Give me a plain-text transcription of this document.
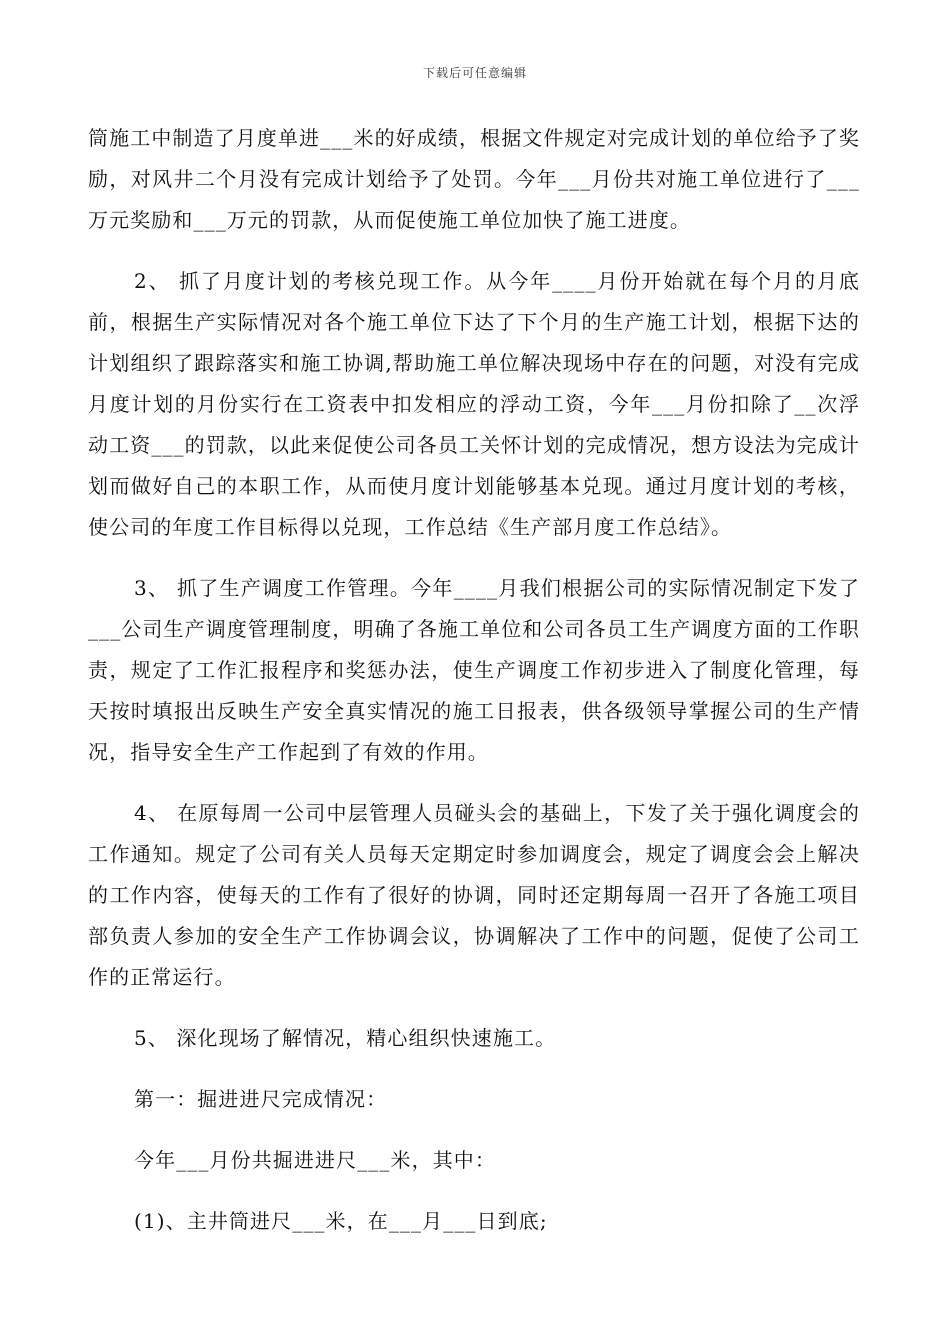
下载后可任意编辑

筒施工中制造了月度单进___米的好成绩，根据文件规定对完成计划的单位给予了奖励，对风井二个月没有完成计划给予了处罚。今年___月份共对施工单位进行了___万元奖励和___万元的罚款，从而促使施工单位加快了施工进度。

2、 抓了月度计划的考核兑现工作。从今年____月份开始就在每个月的月底前，根据生产实际情况对各个施工单位下达了下个月的生产施工计划，根据下达的计划组织了跟踪落实和施工协调,帮助施工单位解决现场中存在的问题，对没有完成月度计划的月份实行在工资表中扣发相应的浮动工资，今年___月份扣除了__次浮动工资___的罚款，以此来促使公司各员工关怀计划的完成情况，想方设法为完成计划而做好自己的本职工作，从而使月度计划能够基本兑现。通过月度计划的考核，使公司的年度工作目标得以兑现，工作总结《生产部月度工作总结》。

3、 抓了生产调度工作管理。今年____月我们根据公司的实际情况制定下发了___公司生产调度管理制度，明确了各施工单位和公司各员工生产调度方面的工作职责，规定了工作汇报程序和奖惩办法，使生产调度工作初步进入了制度化管理，每天按时填报出反映生产安全真实情况的施工日报表，供各级领导掌握公司的生产情况，指导安全生产工作起到了有效的作用。

4、 在原每周一公司中层管理人员碰头会的基础上，下发了关于强化调度会的工作通知。规定了公司有关人员每天定期定时参加调度会，规定了调度会会上解决的工作内容，使每天的工作有了很好的协调，同时还定期每周一召开了各施工项目部负责人参加的安全生产工作协调会议，协调解决了工作中的问题，促使了公司工作的正常运行。

5、 深化现场了解情况，精心组织快速施工。

第一：掘进进尺完成情况：

今年___月份共掘进进尺___米，其中：

(1)、主井筒进尺___米，在___月___日到底;
